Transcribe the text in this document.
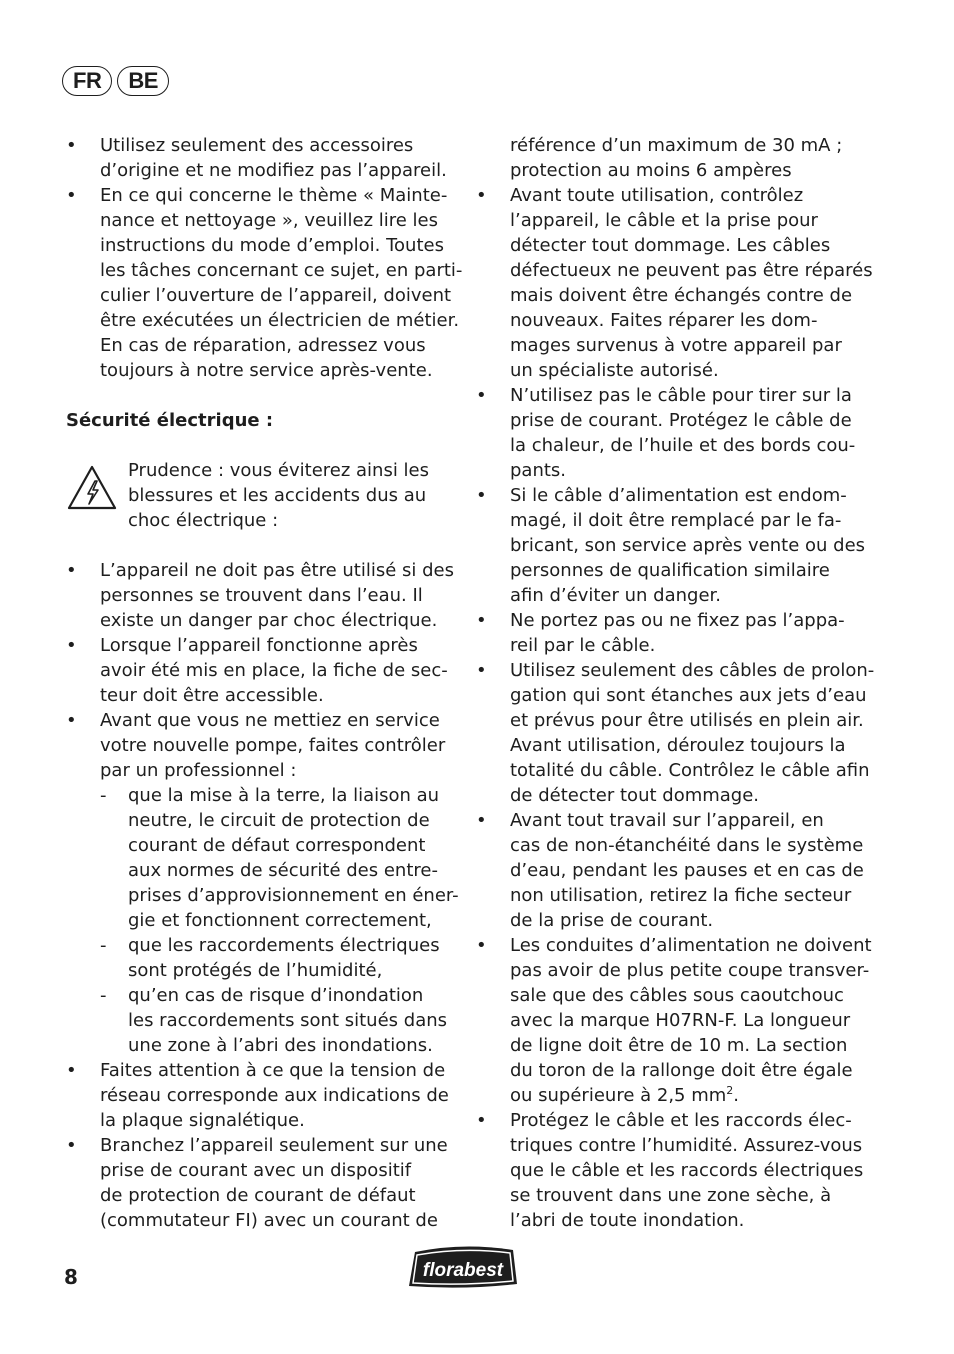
FR	BE
• Utilisez seulement des accessoires
d’origine et ne modifiez pas l’appareil.
• En ce qui concerne le thème « Mainte-
nance et nettoyage », veuillez lire les
instructions du mode d’emploi. Toutes
les tâches concernant ce sujet, en parti-
culier l’ouverture de l’appareil, doivent
être exécutées un électricien de métier.
En cas de réparation, adressez vous
toujours à notre service après-vente.
Sécurité électrique :
Prudence : vous éviterez ainsi les
blessures et les accidents dus au
choc électrique :
• L’appareil ne doit pas être utilisé si des
personnes se trouvent dans l’eau. Il
existe un danger par choc électrique.
• Lorsque l’appareil fonctionne après
avoir été mis en place, la fiche de sec-
teur doit être accessible.
• Avant que vous ne mettiez en service
votre nouvelle pompe, faites contrôler
par un professionnel :
- que la mise à la terre, la liaison au
neutre, le circuit de protection de
courant de défaut correspondent
aux normes de sécurité des entre-
prises d’approvisionnement en éner-
gie et fonctionnent correctement,
- que les raccordements électriques
sont protégés de l’humidité,
- qu’en cas de risque d’inondation
les raccordements sont situés dans
une zone à l’abri des inondations.
• Faites attention à ce que la tension de
réseau corresponde aux indications de
la plaque signalétique.
• Branchez l’appareil seulement sur une
prise de courant avec un dispositif
de protection de courant de défaut
(commutateur FI) avec un courant de
référence d’un maximum de 30 mA ;
protection au moins 6 ampères
• Avant toute utilisation, contrôlez
l’appareil, le câble et la prise pour
détecter tout dommage. Les câbles
défectueux ne peuvent pas être réparés
mais doivent être échangés contre de
nouveaux. Faites réparer les dom-
mages survenus à votre appareil par
un spécialiste autorisé.
• N’utilisez pas le câble pour tirer sur la
prise de courant. Protégez le câble de
la chaleur, de l’huile et des bords cou-
pants.
• Si le câble d’alimentation est endom-
magé, il doit être remplacé par le fa-
bricant, son service après vente ou des
personnes de qualification similaire
afin d’éviter un danger.
• Ne portez pas ou ne fixez pas l’appa-
reil par le câble.
• Utilisez seulement des câbles de prolon-
gation qui sont étanches aux jets d’eau
et prévus pour être utilisés en plein air.
Avant utilisation, déroulez toujours la
totalité du câble. Contrôlez le câble afin
de détecter tout dommage.
• Avant tout travail sur l’appareil, en
cas de non-étanchéité dans le système
d’eau, pendant les pauses et en cas de
non utilisation, retirez la fiche secteur
de la prise de courant.
• Les conduites d’alimentation ne doivent
pas avoir de plus petite coupe transver-
sale que des câbles sous caoutchouc
avec la marque H07RN-F. La longueur
de ligne doit être de 10 m. La section
du toron de la rallonge doit être égale
ou supérieure à 2,5 $mm^2$.
• Protégez le câble et les raccords élec-
triques contre l’humidité. Assurez-vous
que le câble et les raccords électriques
se trouvent dans une zone sèche, à
l’abri de toute inondation.
8	florabest
